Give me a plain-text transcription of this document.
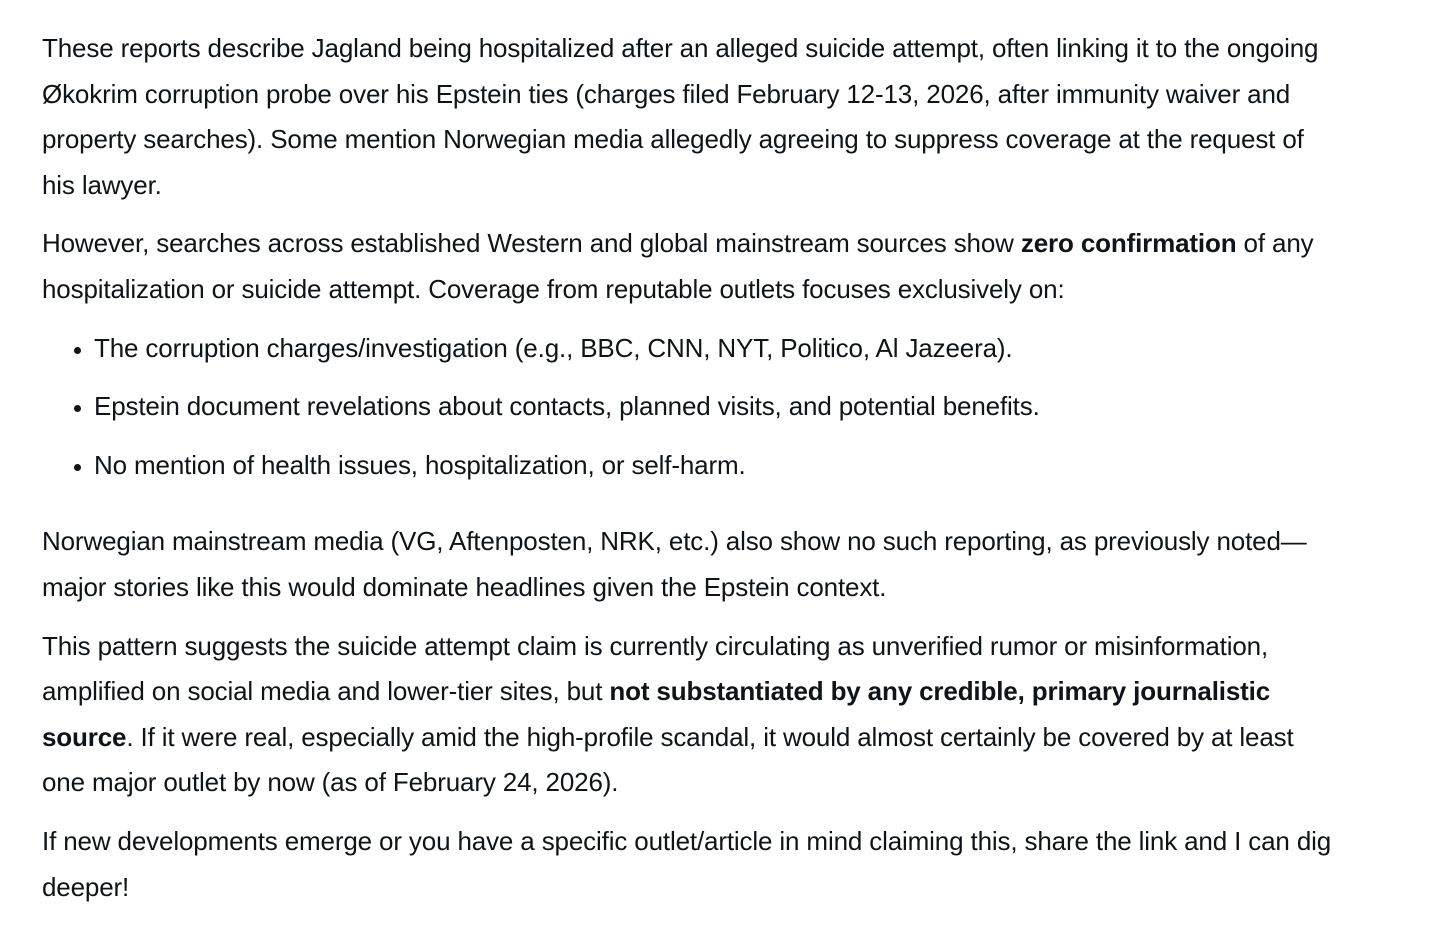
These reports describe Jagland being hospitalized after an alleged suicide attempt, often linking it to the ongoing Økokrim corruption probe over his Epstein ties (charges filed February 12-13, 2026, after immunity waiver and property searches). Some mention Norwegian media allegedly agreeing to suppress coverage at the request of his lawyer.

However, searches across established Western and global mainstream sources show zero confirmation of any hospitalization or suicide attempt. Coverage from reputable outlets focuses exclusively on:

• The corruption charges/investigation (e.g., BBC, CNN, NYT, Politico, Al Jazeera).
• Epstein document revelations about contacts, planned visits, and potential benefits.
• No mention of health issues, hospitalization, or self-harm.

Norwegian mainstream media (VG, Aftenposten, NRK, etc.) also show no such reporting, as previously noted—major stories like this would dominate headlines given the Epstein context.

This pattern suggests the suicide attempt claim is currently circulating as unverified rumor or misinformation, amplified on social media and lower-tier sites, but not substantiated by any credible, primary journalistic source. If it were real, especially amid the high-profile scandal, it would almost certainly be covered by at least one major outlet by now (as of February 24, 2026).

If new developments emerge or you have a specific outlet/article in mind claiming this, share the link and I can dig deeper!
